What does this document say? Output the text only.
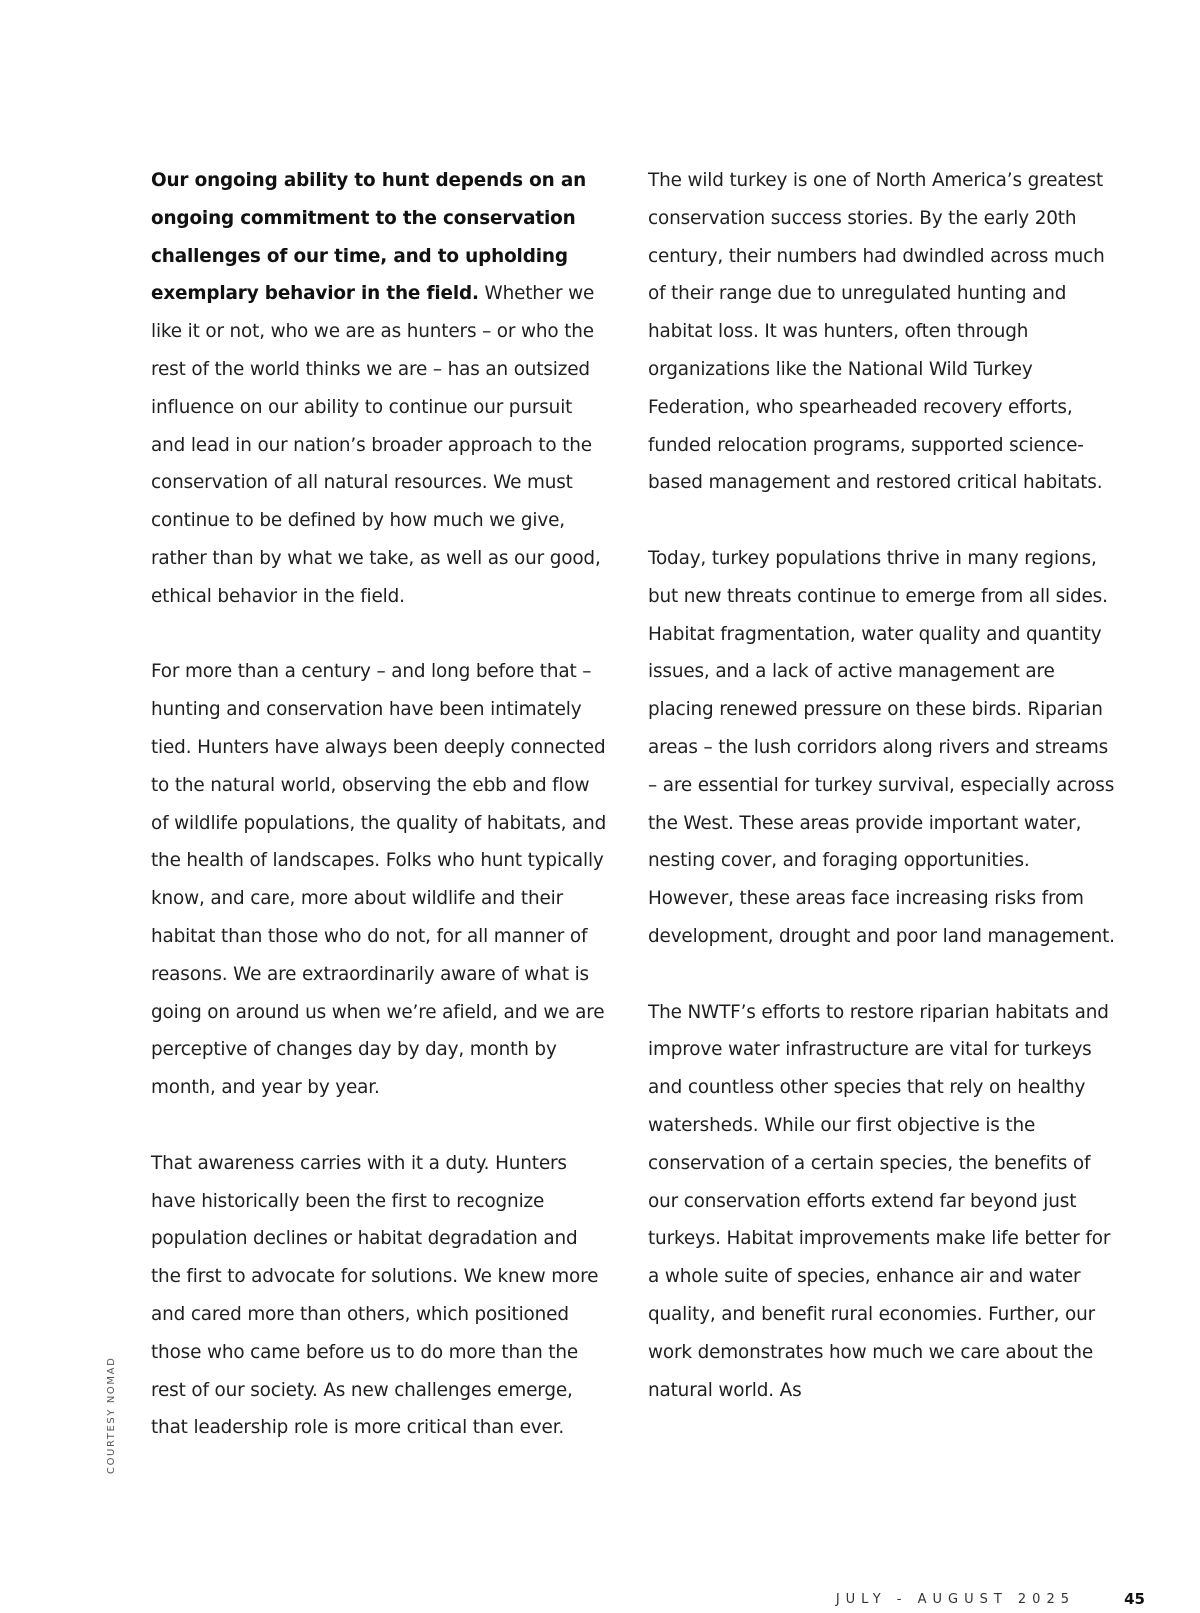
Our ongoing ability to hunt depends on an ongoing commitment to the conservation challenges of our time, and to upholding exemplary behavior in the field. Whether we like it or not, who we are as hunters – or who the rest of the world thinks we are – has an outsized influence on our ability to continue our pursuit and lead in our nation’s broader approach to the conservation of all natural resources. We must continue to be defined by how much we give, rather than by what we take, as well as our good, ethical behavior in the field.

For more than a century – and long before that – hunting and conservation have been intimately tied. Hunters have always been deeply connected to the natural world, observing the ebb and flow of wildlife populations, the quality of habitats, and the health of landscapes. Folks who hunt typically know, and care, more about wildlife and their habitat than those who do not, for all manner of reasons. We are extraordinarily aware of what is going on around us when we’re afield, and we are perceptive of changes day by day, month by month, and year by year.

That awareness carries with it a duty. Hunters have historically been the first to recognize population declines or habitat degradation and the first to advocate for solutions. We knew more and cared more than others, which positioned those who came before us to do more than the rest of our society. As new challenges emerge, that leadership role is more critical than ever.

The wild turkey is one of North America’s greatest conservation success stories. By the early 20th century, their numbers had dwindled across much of their range due to unregulated hunting and habitat loss. It was hunters, often through organizations like the National Wild Turkey Federation, who spearheaded recovery efforts, funded relocation programs, supported science-based management and restored critical habitats.

Today, turkey populations thrive in many regions, but new threats continue to emerge from all sides. Habitat fragmentation, water quality and quantity issues, and a lack of active management are placing renewed pressure on these birds. Riparian areas – the lush corridors along rivers and streams – are essential for turkey survival, especially across the West. These areas provide important water, nesting cover, and foraging opportunities. However, these areas face increasing risks from development, drought and poor land management.

The NWTF’s efforts to restore riparian habitats and improve water infrastructure are vital for turkeys and countless other species that rely on healthy watersheds. While our first objective is the conservation of a certain species, the benefits of our conservation efforts extend far beyond just turkeys. Habitat improvements make life better for a whole suite of species, enhance air and water quality, and benefit rural economies. Further, our work demonstrates how much we care about the natural world. As

COURTESY NOMAD
JULY - AUGUST 2025	45
